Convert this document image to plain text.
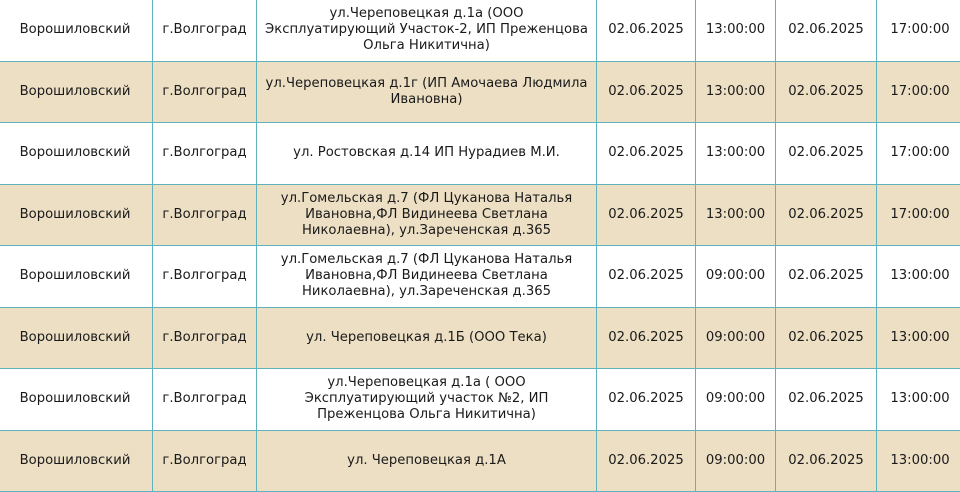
Ворошиловский	г.Волгоград	ул.Череповецкая д.1а (ООО Эксплуатирующий Участок-2, ИП Преженцова Ольга Никитична)	02.06.2025	13:00:00	02.06.2025	17:00:00
Ворошиловский	г.Волгоград	ул.Череповецкая д.1г (ИП Амочаева Людмила Ивановна)	02.06.2025	13:00:00	02.06.2025	17:00:00
Ворошиловский	г.Волгоград	ул. Ростовская д.14 ИП Нурадиев М.И.	02.06.2025	13:00:00	02.06.2025	17:00:00
Ворошиловский	г.Волгоград	ул.Гомельская д.7 (ФЛ Цуканова Наталья Ивановна,ФЛ Видинеева Светлана Николаевна), ул.Зареченская д.365	02.06.2025	13:00:00	02.06.2025	17:00:00
Ворошиловский	г.Волгоград	ул.Гомельская д.7 (ФЛ Цуканова Наталья Ивановна,ФЛ Видинеева Светлана Николаевна), ул.Зареченская д.365	02.06.2025	09:00:00	02.06.2025	13:00:00
Ворошиловский	г.Волгоград	ул. Череповецкая д.1Б (ООО Тека)	02.06.2025	09:00:00	02.06.2025	13:00:00
Ворошиловский	г.Волгоград	ул.Череповецкая д.1а ( ООО Эксплуатирующий участок №2, ИП Преженцова Ольга Никитична)	02.06.2025	09:00:00	02.06.2025	13:00:00
Ворошиловский	г.Волгоград	ул. Череповецкая д.1А	02.06.2025	09:00:00	02.06.2025	13:00:00
